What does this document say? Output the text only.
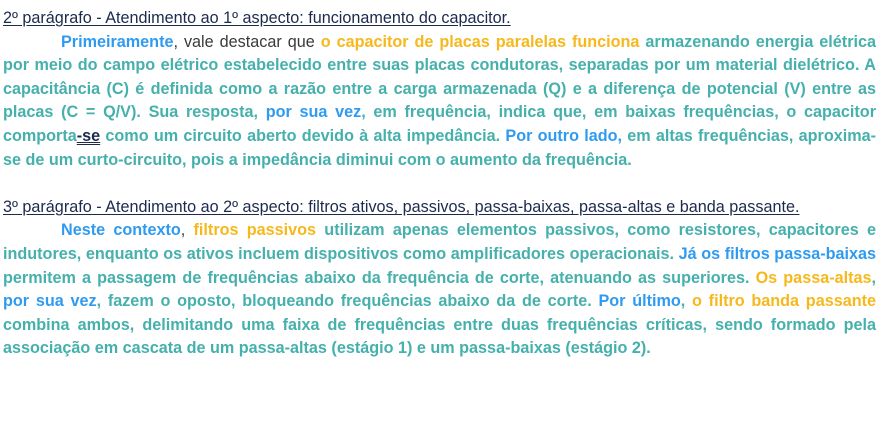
2º parágrafo - Atendimento ao 1º aspecto: funcionamento do capacitor.

Primeiramente, vale destacar que o capacitor de placas paralelas funciona armazenando energia elétrica por meio do campo elétrico estabelecido entre suas placas condutoras, separadas por um material dielétrico. A capacitância (C) é definida como a razão entre a carga armazenada (Q) e a diferença de potencial (V) entre as placas (C = Q/V). Sua resposta, por sua vez, em frequência, indica que, em baixas frequências, o capacitor comporta-se como um circuito aberto devido à alta impedância. Por outro lado, em altas frequências, aproxima-se de um curto-circuito, pois a impedância diminui com o aumento da frequência.

3º parágrafo - Atendimento ao 2º aspecto: filtros ativos, passivos, passa-baixas, passa-altas e banda passante.

Neste contexto, filtros passivos utilizam apenas elementos passivos, como resistores, capacitores e indutores, enquanto os ativos incluem dispositivos como amplificadores operacionais. Já os filtros passa-baixas permitem a passagem de frequências abaixo da frequência de corte, atenuando as superiores. Os passa-altas, por sua vez, fazem o oposto, bloqueando frequências abaixo da de corte. Por último, o filtro banda passante combina ambos, delimitando uma faixa de frequências entre duas frequências críticas, sendo formado pela associação em cascata de um passa-altas (estágio 1) e um passa-baixas (estágio 2).
